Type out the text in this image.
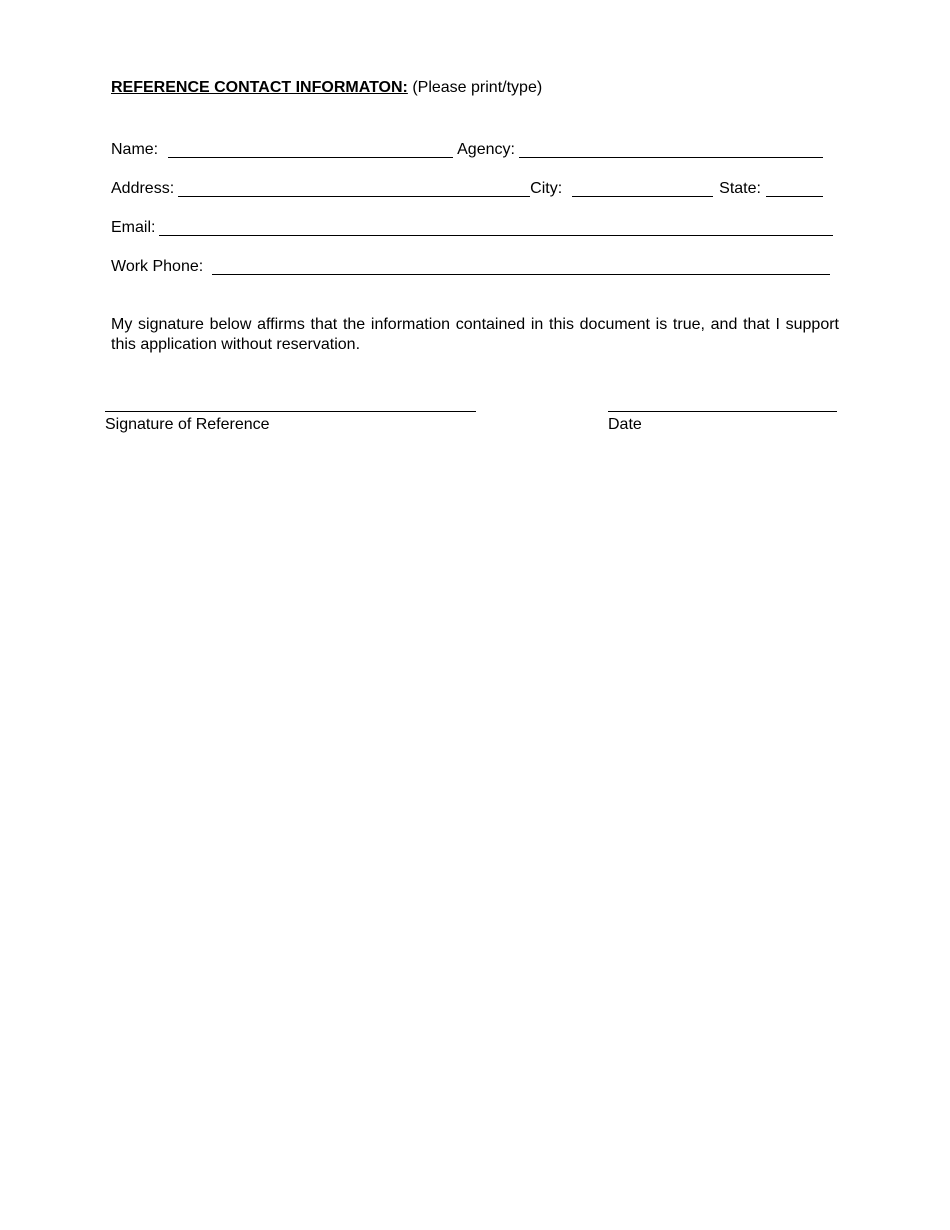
REFERENCE CONTACT INFORMATON: (Please print/type)
Name:	Agency:
Address:	City:	State:
Email:
Work Phone:
My signature below affirms that the information contained in this document is true, and that I support this application without reservation.
Signature of Reference	Date
